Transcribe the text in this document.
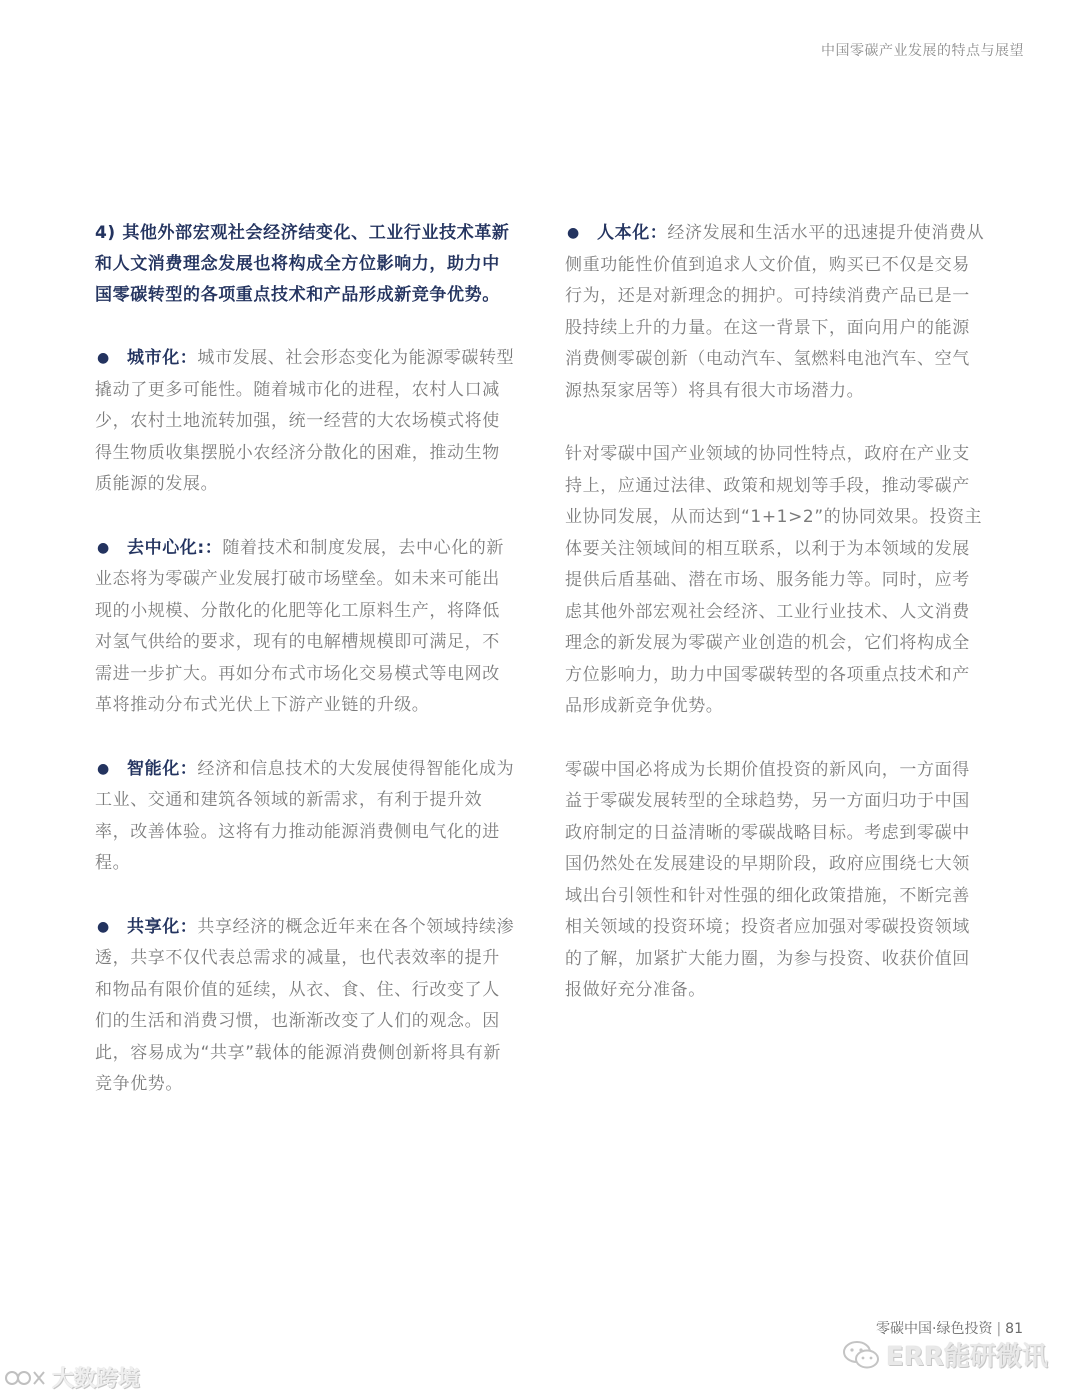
中国零碳产业发展的特点与展望

4) 其他外部宏观社会经济结变化、工业行业技术革新和人文消费理念发展也将构成全方位影响力，助力中国零碳转型的各项重点技术和产品形成新竞争优势。

● 城市化：城市发展、社会形态变化为能源零碳转型撬动了更多可能性。随着城市化的进程，农村人口减少，农村土地流转加强，统一经营的大农场模式将使得生物质收集摆脱小农经济分散化的困难，推动生物质能源的发展。

● 去中心化:：随着技术和制度发展，去中心化的新业态将为零碳产业发展打破市场壁垒。如未来可能出现的小规模、分散化的化肥等化工原料生产，将降低对氢气供给的要求，现有的电解槽规模即可满足，不需进一步扩大。再如分布式市场化交易模式等电网改革将推动分布式光伏上下游产业链的升级。

● 智能化：经济和信息技术的大发展使得智能化成为工业、交通和建筑各领域的新需求，有利于提升效率，改善体验。这将有力推动能源消费侧电气化的进程。

● 共享化：共享经济的概念近年来在各个领域持续渗透，共享不仅代表总需求的减量，也代表效率的提升和物品有限价值的延续，从衣、食、住、行改变了人们的生活和消费习惯，也渐渐改变了人们的观念。因此，容易成为“共享”载体的能源消费侧创新将具有新竞争优势。

● 人本化：经济发展和生活水平的迅速提升使消费从侧重功能性价值到追求人文价值，购买已不仅是交易行为，还是对新理念的拥护。可持续消费产品已是一股持续上升的力量。在这一背景下，面向用户的能源消费侧零碳创新（电动汽车、氢燃料电池汽车、空气源热泵家居等）将具有很大市场潜力。

针对零碳中国产业领域的协同性特点，政府在产业支持上，应通过法律、政策和规划等手段，推动零碳产业协同发展，从而达到“1+1>2”的协同效果。投资主体要关注领域间的相互联系，以利于为本领域的发展提供后盾基础、潜在市场、服务能力等。同时，应考虑其他外部宏观社会经济、工业行业技术、人文消费理念的新发展为零碳产业创造的机会，它们将构成全方位影响力，助力中国零碳转型的各项重点技术和产品形成新竞争优势。

零碳中国必将成为长期价值投资的新风向，一方面得益于零碳发展转型的全球趋势，另一方面归功于中国政府制定的日益清晰的零碳战略目标。考虑到零碳中国仍然处在发展建设的早期阶段，政府应围绕七大领域出台引领性和针对性强的细化政策措施，不断完善相关领域的投资环境；投资者应加强对零碳投资领域的了解，加紧扩大能力圈，为参与投资、收获价值回报做好充分准备。

零碳中国·绿色投资 | 81
ERR能研微讯
大数跨境
